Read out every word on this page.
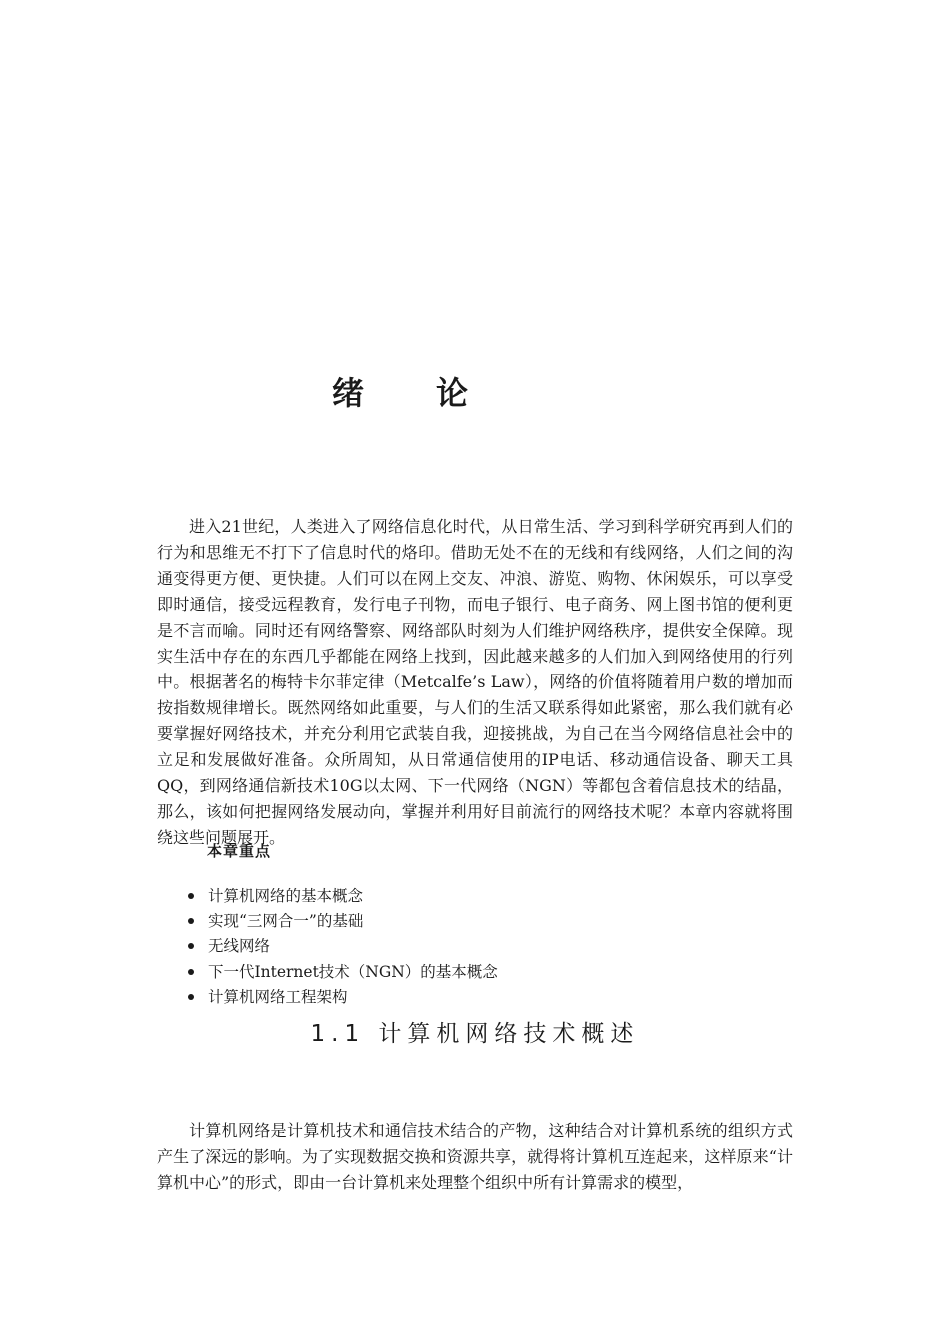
绪论

进入21世纪，人类进入了网络信息化时代，从日常生活、学习到科学研究再到人们的行为和思维无不打下了信息时代的烙印。借助无处不在的无线和有线网络，人们之间的沟通变得更方便、更快捷。人们可以在网上交友、冲浪、游览、购物、休闲娱乐，可以享受即时通信，接受远程教育，发行电子刊物，而电子银行、电子商务、网上图书馆的便利更是不言而喻。同时还有网络警察、网络部队时刻为人们维护网络秩序，提供安全保障。现实生活中存在的东西几乎都能在网络上找到，因此越来越多的人们加入到网络使用的行列中。根据著名的梅特卡尔菲定律（Metcalfe’s Law），网络的价值将随着用户数的增加而按指数规律增长。既然网络如此重要，与人们的生活又联系得如此紧密，那么我们就有必要掌握好网络技术，并充分利用它武装自我，迎接挑战，为自己在当今网络信息社会中的立足和发展做好准备。众所周知，从日常通信使用的IP电话、移动通信设备、聊天工具QQ，到网络通信新技术10G以太网、下一代网络（NGN）等都包含着信息技术的结晶，那么，该如何把握网络发展动向，掌握并利用好目前流行的网络技术呢？本章内容就将围绕这些问题展开。

本章重点
计算机网络的基本概念
实现“三网合一”的基础
无线网络
下一代Internet技术（NGN）的基本概念
计算机网络工程架构
1.1 计算机网络技术概述

计算机网络是计算机技术和通信技术结合的产物，这种结合对计算机系统的组织方式产生了深远的影响。为了实现数据交换和资源共享，就得将计算机互连起来，这样原来“计算机中心”的形式，即由一台计算机来处理整个组织中所有计算需求的模型，
